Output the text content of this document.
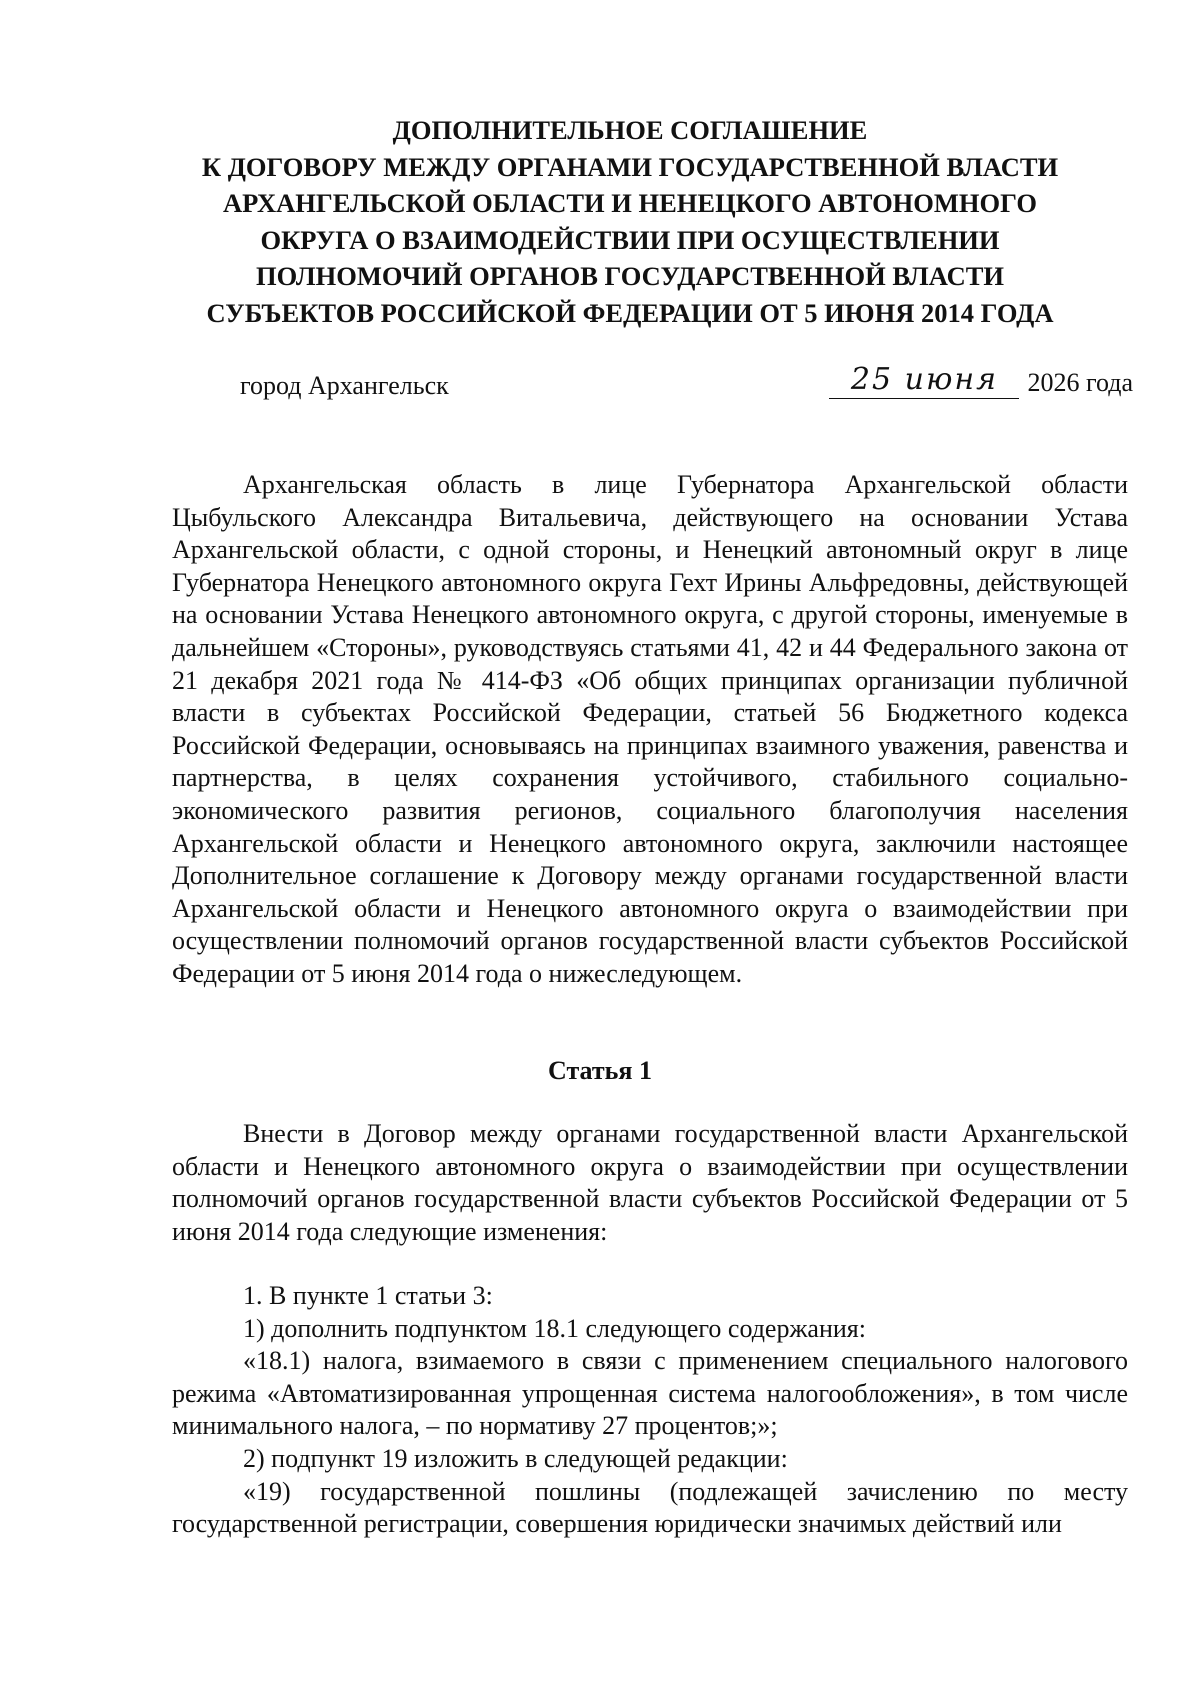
ДОПОЛНИТЕЛЬНОЕ СОГЛАШЕНИЕ
К ДОГОВОРУ МЕЖДУ ОРГАНАМИ ГОСУДАРСТВЕННОЙ ВЛАСТИ
АРХАНГЕЛЬСКОЙ ОБЛАСТИ И НЕНЕЦКОГО АВТОНОМНОГО
ОКРУГА О ВЗАИМОДЕЙСТВИИ ПРИ ОСУЩЕСТВЛЕНИИ
ПОЛНОМОЧИЙ ОРГАНОВ ГОСУДАРСТВЕННОЙ ВЛАСТИ
СУБЪЕКТОВ РОССИЙСКОЙ ФЕДЕРАЦИИ ОТ 5 ИЮНЯ 2014 ГОДА
город Архангельск	25 июня	2026 года

Архангельская область в лице Губернатора Архангельской области Цыбульского Александра Витальевича, действующего на основании Устава Архангельской области, с одной стороны, и Ненецкий автономный округ в лице Губернатора Ненецкого автономного округа Гехт Ирины Альфредовны, действующей на основании Устава Ненецкого автономного округа, с другой стороны, именуемые в дальнейшем «Стороны», руководствуясь статьями 41, 42 и 44 Федерального закона от 21 декабря 2021 года № 414-ФЗ «Об общих принципах организации публичной власти в субъектах Российской Федерации, статьей 56 Бюджетного кодекса Российской Федерации, основываясь на принципах взаимного уважения, равенства и партнерства, в целях сохранения устойчивого, стабильного социально-экономического развития регионов, социального благополучия населения Архангельской области и Ненецкого автономного округа, заключили настоящее Дополнительное соглашение к Договору между органами государственной власти Архангельской области и Ненецкого автономного округа о взаимодействии при осуществлении полномочий органов государственной власти субъектов Российской Федерации от 5 июня 2014 года о нижеследующем.

Статья 1

Внести в Договор между органами государственной власти Архангельской области и Ненецкого автономного округа о взаимодействии при осуществлении полномочий органов государственной власти субъектов Российской Федерации от 5 июня 2014 года следующие изменения:

1. В пункте 1 статьи 3:

1) дополнить подпунктом 18.1 следующего содержания:

«18.1) налога, взимаемого в связи с применением специального налогового режима «Автоматизированная упрощенная система налогообложения», в том числе минимального налога, – по нормативу 27 процентов;»;

2) подпункт 19 изложить в следующей редакции:

«19) государственной пошлины (подлежащей зачислению по месту государственной регистрации, совершения юридически значимых действий или
